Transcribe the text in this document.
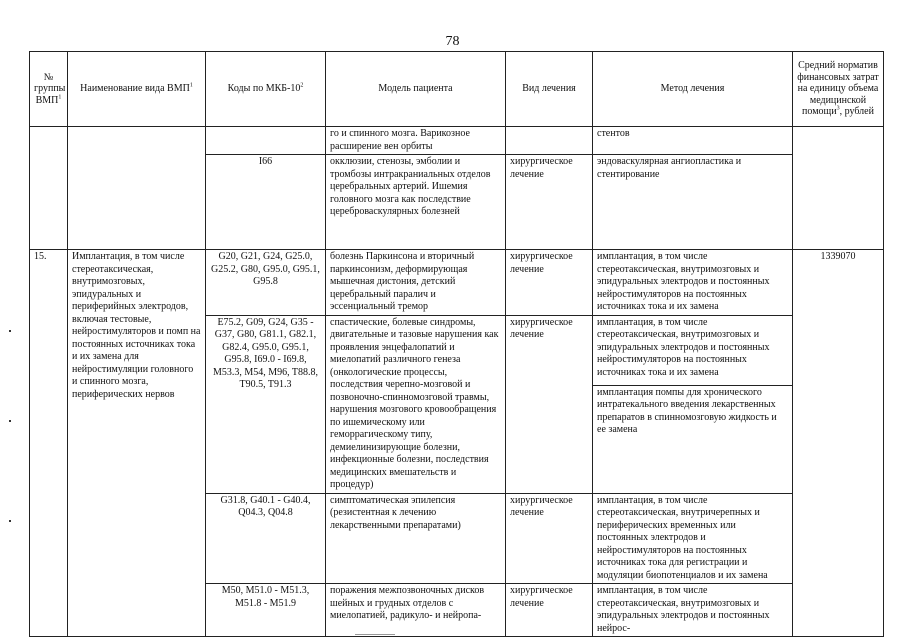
78
№ группы ВМП$^1$	Наименование вида ВМП$^1$	Коды по МКБ-$10^2$	Модель пациента	Вид лечения	Метод лечения	Средний норматив финансовых затрат на единицу объема медицинской помощи$^3$, рублей
			го и спинного мозга. Варикозное расширение вен орбиты		стентов	
		I66	окклюзии, стенозы, эмболии и тромбозы интракраниальных отделов церебральных артерий. Ишемия головного мозга как последствие цереброваскулярных болезней	хирургическое лечение	эндоваскулярная ангиопластика и стентирование	
15.	Имплантация, в том числе стереотаксическая, внутримозговых, эпидуральных и периферийных электродов, включая тестовые, нейростимуляторов и помп на постоянных источниках тока и их замена для нейростимуляции головного и спинного мозга, периферических нервов	G20, G21, G24, G25.0, G25.2, G80, G95.0, G95.1, G95.8	болезнь Паркинсона и вторичный паркинсонизм, деформирующая мышечная дистония, детский церебральный паралич и эссенциальный тремор	хирургическое лечение	имплантация, в том числе стереотаксическая, внутримозговых и эпидуральных электродов и постоянных нейростимуляторов на постоянных источниках тока и их замена	1339070
		E75.2, G09, G24, G35 - G37, G80, G81.1, G82.1, G82.4, G95.0, G95.1, G95.8, I69.0 - I69.8, M53.3, M54, M96, T88.8, T90.5, T91.3	спастические, болевые синдромы, двигательные и тазовые нарушения как проявления энцефалопатий и миелопатий различного генеза (онкологические процессы, последствия черепно-мозговой и позвоночно-спинномозговой травмы, нарушения мозгового кровообращения по ишемическому или геморрагическому типу, демиелинизирующие болезни, инфекционные болезни, последствия медицинских вмешательств и процедур)	хирургическое лечение	имплантация, в том числе стереотаксическая, внутримозговых и эпидуральных электродов и постоянных нейростимуляторов на постоянных источниках тока и их замена	
					имплантация помпы для хронического интратекального введения лекарственных препаратов в спинномозговую жидкость и ее замена	
		G31.8, G40.1 - G40.4, Q04.3, Q04.8	симптоматическая эпилепсия (резистентная к лечению лекарственными препаратами)	хирургическое лечение	имплантация, в том числе стереотаксическая, внутричерепных и периферических временных или постоянных электродов и нейростимуляторов на постоянных источниках тока для регистрации и модуляции биопотенциалов и их замена	
		M50, M51.0 - M51.3, M51.8 - M51.9	поражения межпозвоночных дисков шейных и грудных отделов с миелопатией, радикуло- и нейропа-	хирургическое лечение	имплантация, в том числе стереотаксическая, внутримозговых и эпидуральных электродов и постоянных нейрос-	
